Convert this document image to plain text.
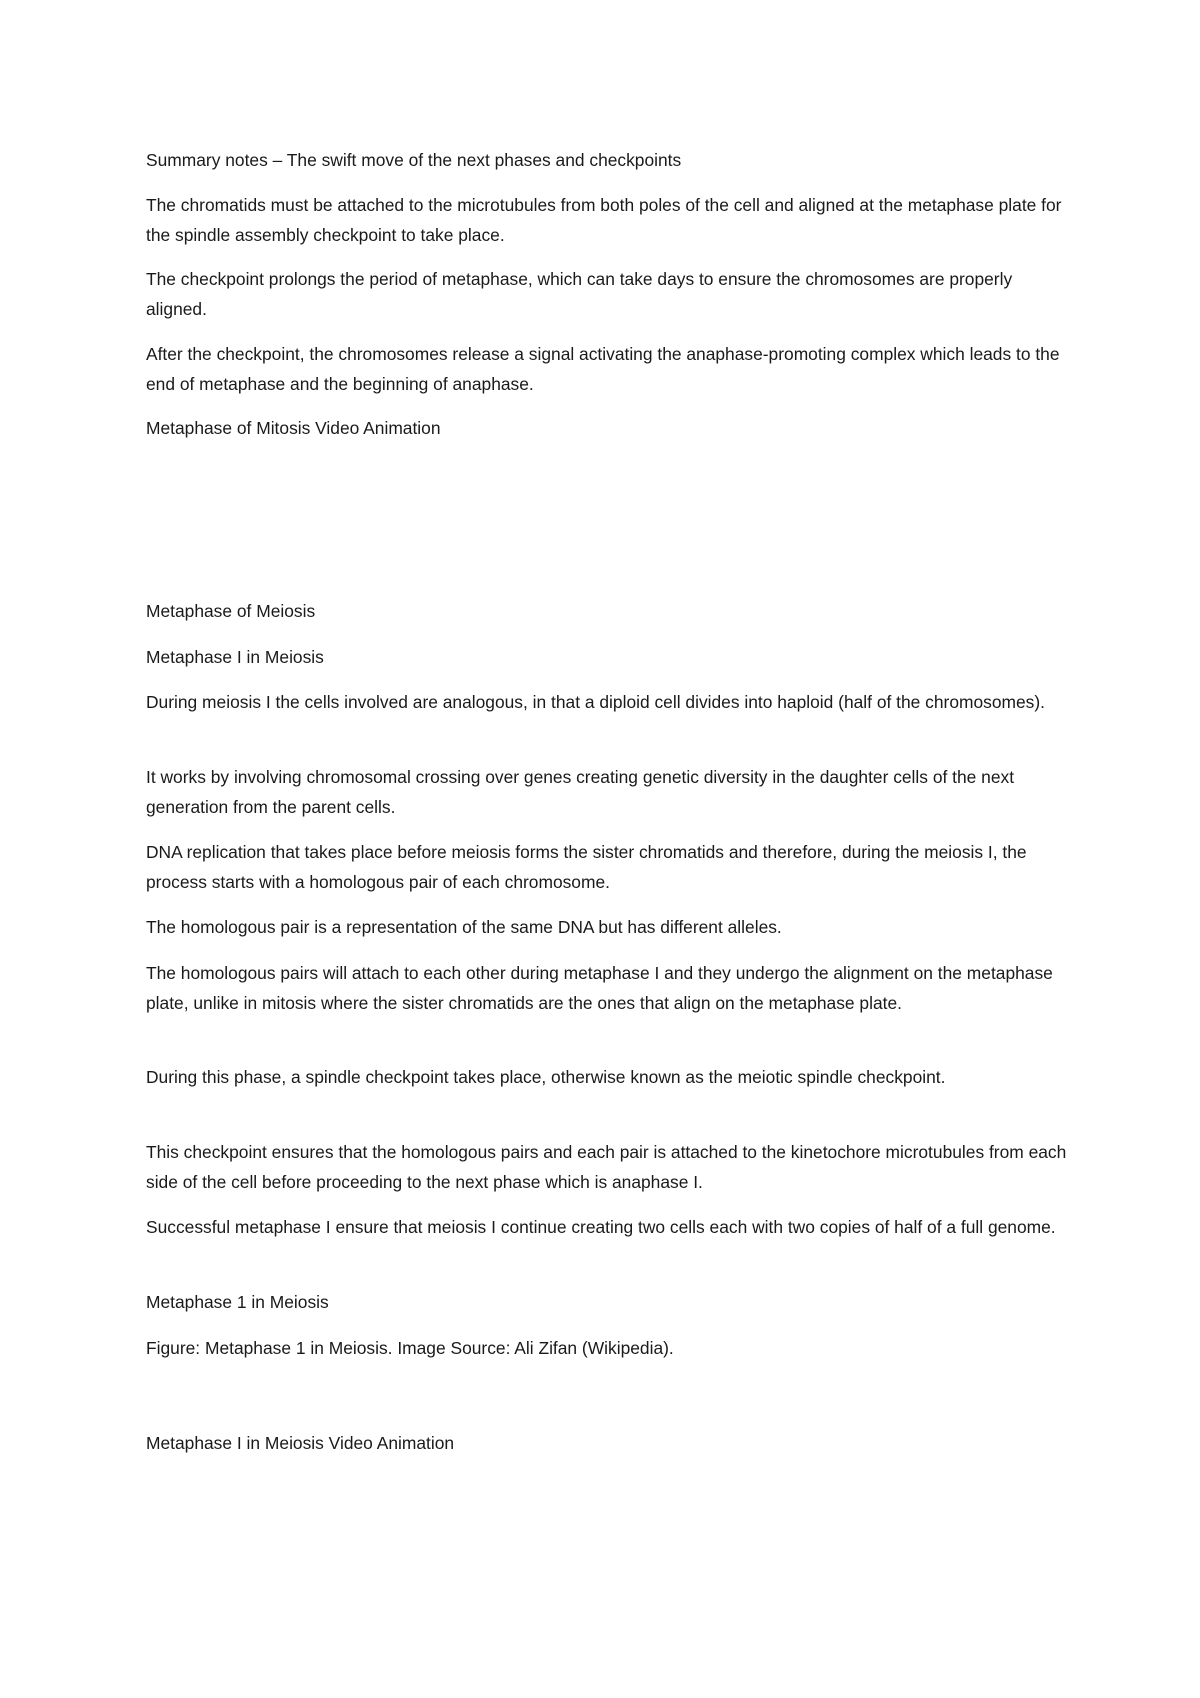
Summary notes – The swift move of the next phases and checkpoints

The chromatids must be attached to the microtubules from both poles of the cell and aligned at the metaphase plate for the spindle assembly checkpoint to take place.

The checkpoint prolongs the period of metaphase, which can take days to ensure the chromosomes are properly aligned.

After the checkpoint, the chromosomes release a signal activating the anaphase-promoting complex which leads to the end of metaphase and the beginning of anaphase.

Metaphase of Mitosis Video Animation

Metaphase of Meiosis

Metaphase I in Meiosis

During meiosis I the cells involved are analogous, in that a diploid cell divides into haploid (half of the chromosomes).

It works by involving chromosomal crossing over genes creating genetic diversity in the daughter cells of the next generation from the parent cells.

DNA replication that takes place before meiosis forms the sister chromatids and therefore, during the meiosis I, the process starts with a homologous pair of each chromosome.

The homologous pair is a representation of the same DNA but has different alleles.

The homologous pairs will attach to each other during metaphase I and they undergo the alignment on the metaphase plate, unlike in mitosis where the sister chromatids are the ones that align on the metaphase plate.

During this phase, a spindle checkpoint takes place, otherwise known as the meiotic spindle checkpoint.

This checkpoint ensures that the homologous pairs and each pair is attached to the kinetochore microtubules from each side of the cell before proceeding to the next phase which is anaphase I.

Successful metaphase I ensure that meiosis I continue creating two cells each with two copies of half of a full genome.

Metaphase 1 in Meiosis

Figure: Metaphase 1 in Meiosis. Image Source: Ali Zifan (Wikipedia).

Metaphase I in Meiosis Video Animation
